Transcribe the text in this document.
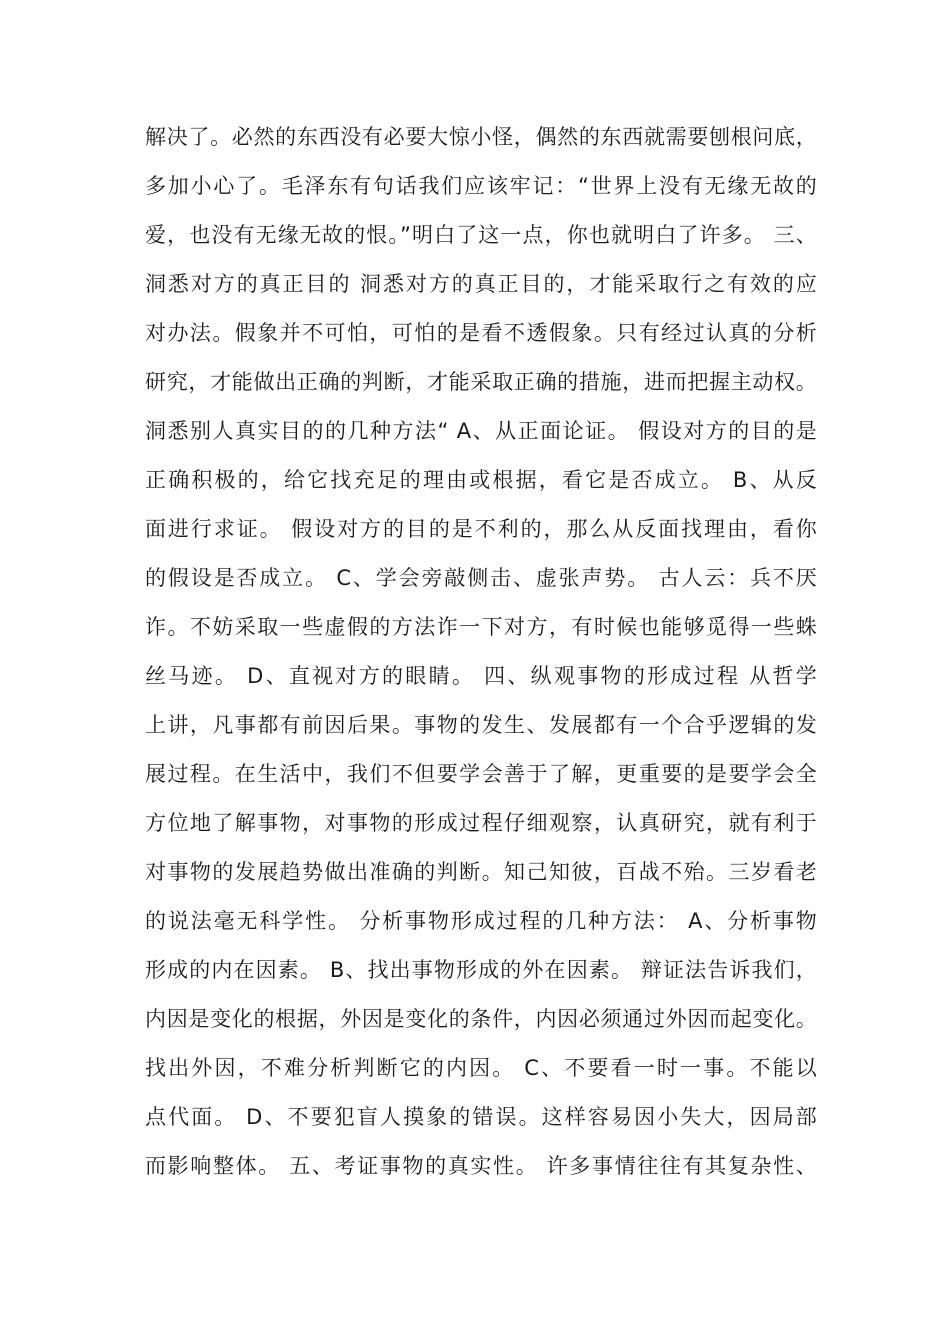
解决了。必然的东西没有必要大惊小怪，偶然的东西就需要刨根问底，
多加小心了。毛泽东有句话我们应该牢记：“世界上没有无缘无故的
爱，也没有无缘无故的恨。”明白了这一点，你也就明白了许多。 三、
洞悉对方的真正目的 洞悉对方的真正目的，才能采取行之有效的应
对办法。假象并不可怕，可怕的是看不透假象。只有经过认真的分析
研究，才能做出正确的判断，才能采取正确的措施，进而把握主动权。
洞悉别人真实目的的几种方法“ A、从正面论证。 假设对方的目的是
正确积极的，给它找充足的理由或根据，看它是否成立。 B、从反
面进行求证。 假设对方的目的是不利的，那么从反面找理由，看你
的假设是否成立。 C、学会旁敲侧击、虚张声势。 古人云：兵不厌
诈。不妨采取一些虚假的方法诈一下对方，有时候也能够觅得一些蛛
丝马迹。 D、直视对方的眼睛。 四、纵观事物的形成过程 从哲学
上讲，凡事都有前因后果。事物的发生、发展都有一个合乎逻辑的发
展过程。在生活中，我们不但要学会善于了解，更重要的是要学会全
方位地了解事物，对事物的形成过程仔细观察，认真研究，就有利于
对事物的发展趋势做出准确的判断。知己知彼，百战不殆。三岁看老
的说法毫无科学性。 分析事物形成过程的几种方法： A、分析事物
形成的内在因素。 B、找出事物形成的外在因素。 辩证法告诉我们，
内因是变化的根据，外因是变化的条件，内因必须通过外因而起变化。
找出外因，不难分析判断它的内因。 C、不要看一时一事。不能以
点代面。 D、不要犯盲人摸象的错误。这样容易因小失大，因局部
而影响整体。 五、考证事物的真实性。 许多事情往往有其复杂性、
